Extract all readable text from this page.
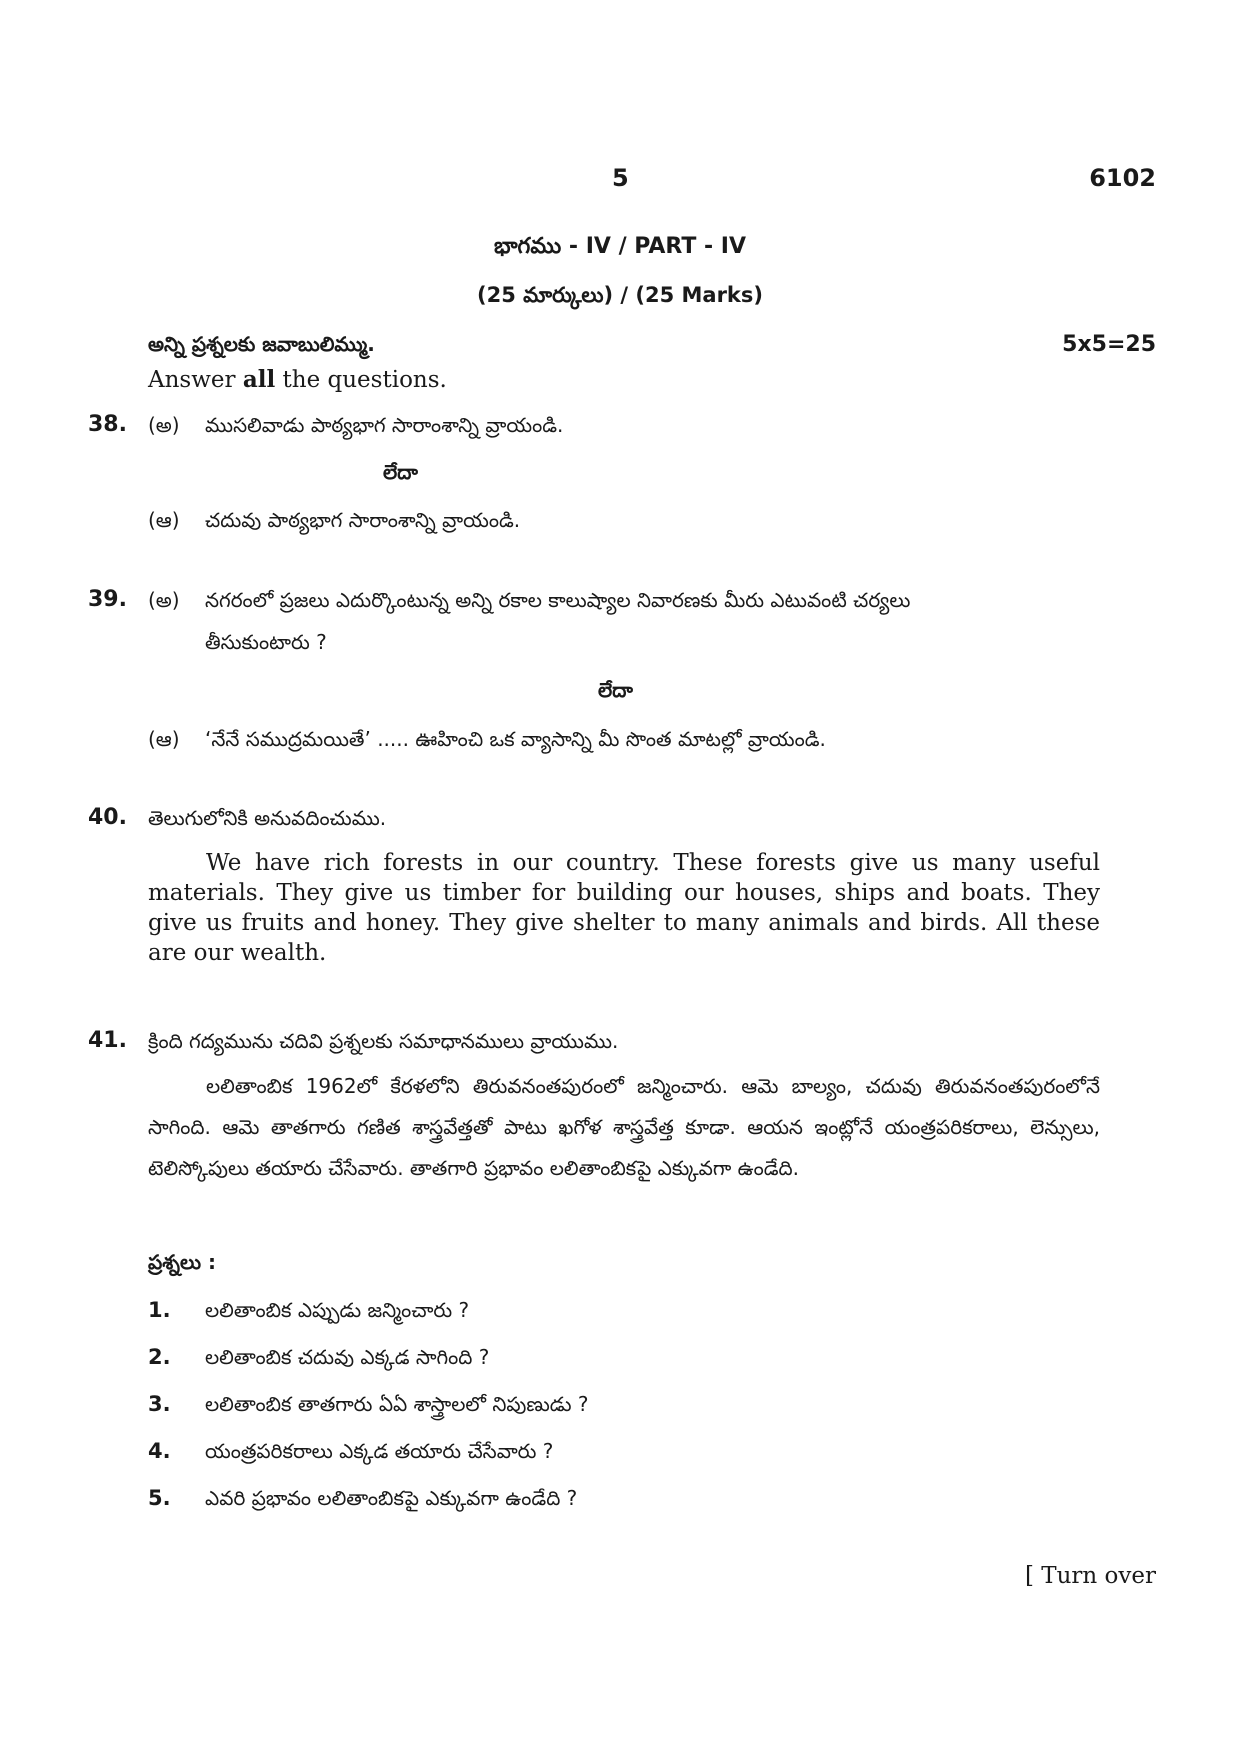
5	6102
భాగము - IV / PART - IV
(25 మార్కులు) / (25 Marks)
అన్ని ప్రశ్నలకు జవాబులిమ్ము.	5x5=25
Answer all the questions.
38. (అ) ముసలివాడు పాఠ్యభాగ సారాంశాన్ని వ్రాయండి.
లేదా
(ఆ) చదువు పాఠ్యభాగ సారాంశాన్ని వ్రాయండి.
39. (అ) నగరంలో ప్రజలు ఎదుర్కొంటున్న అన్ని రకాల కాలుష్యాల నివారణకు మీరు ఎటువంటి చర్యలు
తీసుకుంటారు ?
లేదా
(ఆ) ‘నేనే సముద్రమయితే’ ..... ఊహించి ఒక వ్యాసాన్ని మీ సొంత మాటల్లో వ్రాయండి.
40. తెలుగులోనికి అనువదించుము.
We have rich forests in our country. These forests give us many useful materials. They give us timber for building our houses, ships and boats. They give us fruits and honey. They give shelter to many animals and birds. All these are our wealth.
41. క్రింది గద్యమును చదివి ప్రశ్నలకు సమాధానములు వ్రాయుము.
లలితాంబిక 1962లో కేరళలోని తిరువనంతపురంలో జన్మించారు. ఆమె బాల్యం, చదువు తిరువనంతపురంలోనే సాగింది. ఆమె తాతగారు గణిత శాస్త్రవేత్తతో పాటు ఖగోళ శాస్త్రవేత్త కూడా. ఆయన ఇంట్లోనే యంత్రపరికరాలు, లెన్సులు, టెలిస్కోపులు తయారు చేసేవారు. తాతగారి ప్రభావం లలితాంబికపై ఎక్కువగా ఉండేది.
ప్రశ్నలు :
1. లలితాంబిక ఎప్పుడు జన్మించారు ?
2. లలితాంబిక చదువు ఎక్కడ సాగింది ?
3. లలితాంబిక తాతగారు ఏఏ శాస్త్రాలలో నిపుణుడు ?
4. యంత్రపరికరాలు ఎక్కడ తయారు చేసేవారు ?
5. ఎవరి ప్రభావం లలితాంబికపై ఎక్కువగా ఉండేది ?
[ Turn over
